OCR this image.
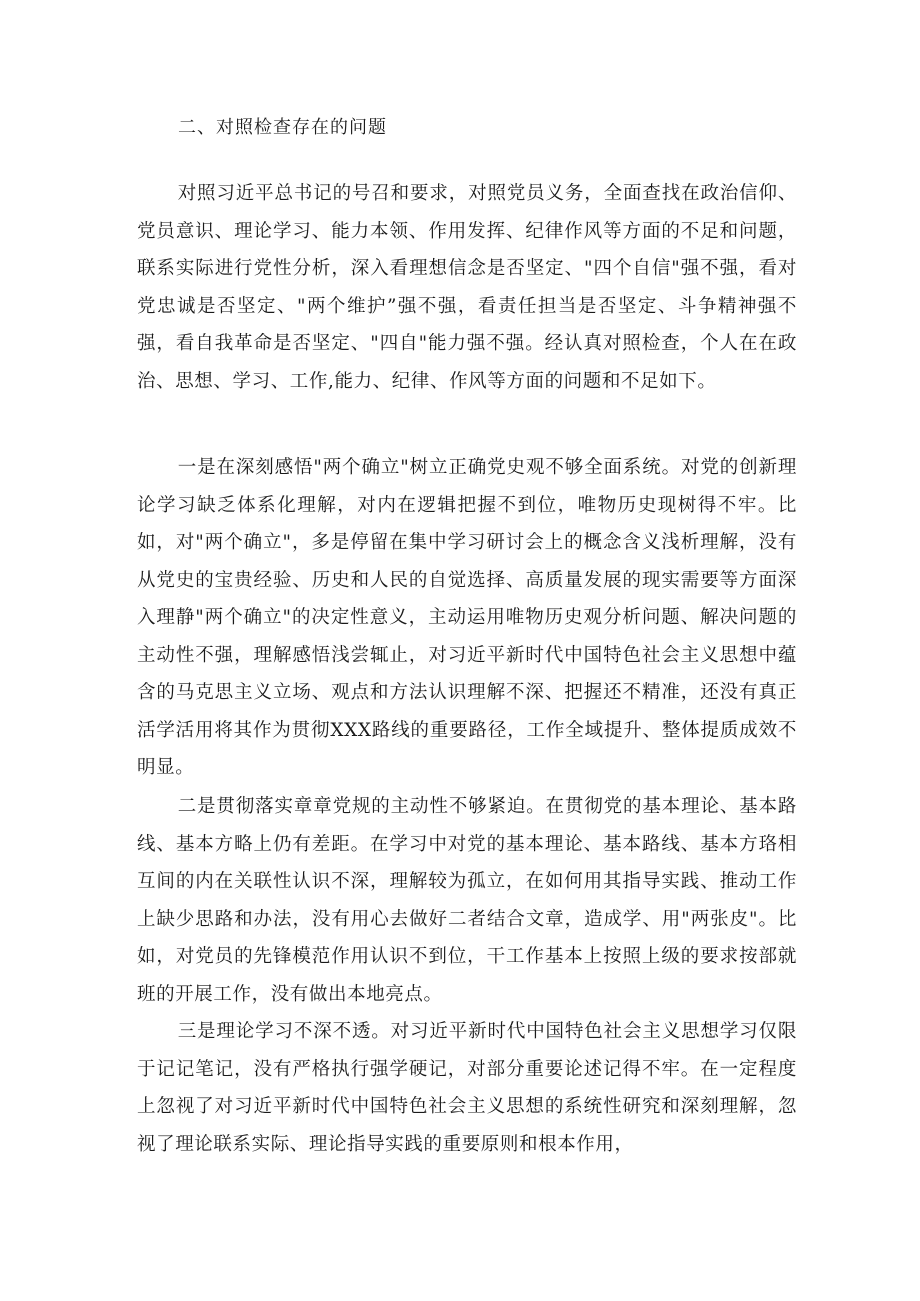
二、对照检查存在的问题

对照习近平总书记的号召和要求，对照党员义务，全面查找在政治信仰、党员意识、理论学习、能力本领、作用发挥、纪律作风等方面的不足和问题，联系实际进行党性分析，深入看理想信念是否坚定、"四个自信"强不强，看对党忠诚是否坚定、"两个维护”强不强，看责任担当是否坚定、斗争精神强不强，看自我革命是否坚定、"四自"能力强不强。经认真对照检查，个人在在政治、思想、学习、工作,能力、纪律、作风等方面的问题和不足如下。

一是在深刻感悟"两个确立"树立正确党史观不够全面系统。对党的创新理论学习缺乏体系化理解，对内在逻辑把握不到位，唯物历史现树得不牢。比如，对"两个确立"，多是停留在集中学习研讨会上的概念含义浅析理解，没有从党史的宝贵经验、历史和人民的自觉选择、高质量发展的现实需要等方面深入理静"两个确立"的决定性意义，主动运用唯物历史观分析问题、解决问题的主动性不强，理解感悟浅尝辄止，对习近平新时代中国特色社会主义思想中蕴含的马克思主义立场、观点和方法认识理解不深、把握还不精准，还没有真正活学活用将其作为贯彻XXX路线的重要路径，工作全域提升、整体提质成效不明显。

二是贯彻落实章章党规的主动性不够紧迫。在贯彻党的基本理论、基本路线、基本方略上仍有差距。在学习中对党的基本理论、基本路线、基本方珞相互间的内在关联性认识不深，理解较为孤立，在如何用其指导实践、推动工作上缺少思路和办法，没有用心去做好二者结合文章，造成学、用"两张皮"。比如，对党员的先锋模范作用认识不到位，干工作基本上按照上级的要求按部就班的开展工作，没有做出本地亮点。

三是理论学习不深不透。对习近平新时代中国特色社会主义思想学习仅限于记记笔记，没有严格执行强学硬记，对部分重要论述记得不牢。在一定程度上忽视了对习近平新时代中国特色社会主义思想的系统性研究和深刻理解，忽视了理论联系实际、理论指导实践的重要原则和根本作用，
